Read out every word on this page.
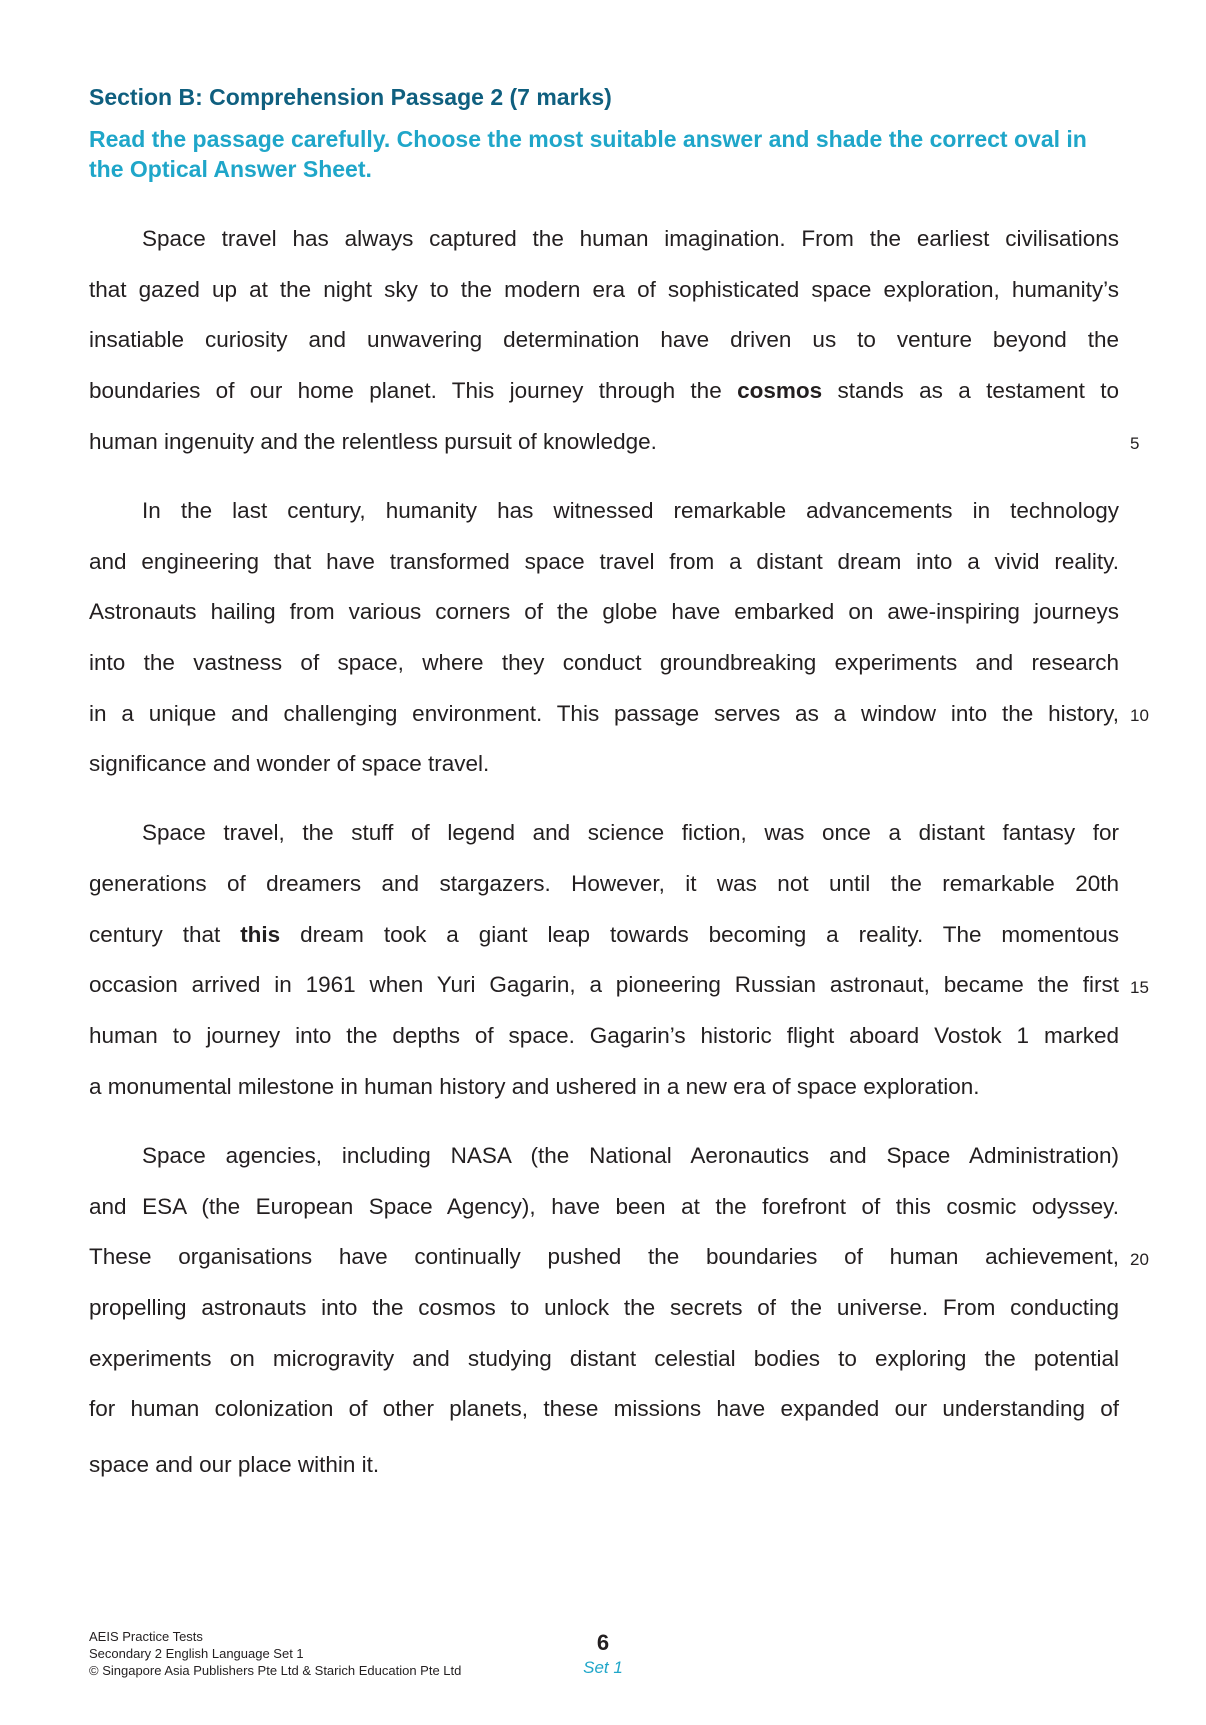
Section B: Comprehension Passage 2 (7 marks)
Read the passage carefully. Choose the most suitable answer and shade the correct oval in the Optical Answer Sheet.
Space travel has always captured the human imagination. From the earliest civilisations
that gazed up at the night sky to the modern era of sophisticated space exploration, humanity’s
insatiable curiosity and unwavering determination have driven us to venture beyond the
boundaries of our home planet. This journey through the cosmos stands as a testament to
human ingenuity and the relentless pursuit of knowledge.
In the last century, humanity has witnessed remarkable advancements in technology
and engineering that have transformed space travel from a distant dream into a vivid reality.
Astronauts hailing from various corners of the globe have embarked on awe-inspiring journeys
into the vastness of space, where they conduct groundbreaking experiments and research
in a unique and challenging environment. This passage serves as a window into the history,
significance and wonder of space travel.
Space travel, the stuff of legend and science fiction, was once a distant fantasy for
generations of dreamers and stargazers. However, it was not until the remarkable 20th
century that this dream took a giant leap towards becoming a reality. The momentous
occasion arrived in 1961 when Yuri Gagarin, a pioneering Russian astronaut, became the first
human to journey into the depths of space. Gagarin’s historic flight aboard Vostok 1 marked
a monumental milestone in human history and ushered in a new era of space exploration.
Space agencies, including NASA (the National Aeronautics and Space Administration)
and ESA (the European Space Agency), have been at the forefront of this cosmic odyssey.
These organisations have continually pushed the boundaries of human achievement,
propelling astronauts into the cosmos to unlock the secrets of the universe. From conducting
experiments on microgravity and studying distant celestial bodies to exploring the potential
for human colonization of other planets, these missions have expanded our understanding of
space and our place within it.
5
10
15
20
AEIS Practice Tests
Secondary 2 English Language Set 1
© Singapore Asia Publishers Pte Ltd & Starich Education Pte Ltd
6
Set 1
